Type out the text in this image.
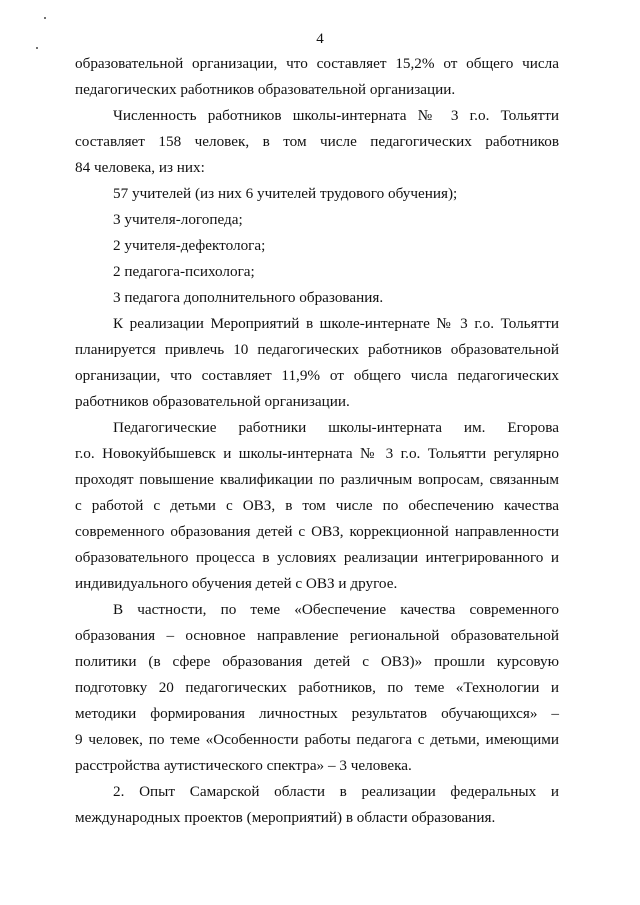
4

образовательной организации, что составляет 15,2% от общего числа

педагогических работников образовательной организации.

Численность работников школы-интерната № 3 г.о. Тольятти

составляет 158 человек, в том числе педагогических работников

84 человека, из них:

57 учителей (из них 6 учителей трудового обучения);

3 учителя-логопеда;

2 учителя-дефектолога;

2 педагога-психолога;

3 педагога дополнительного образования.

К реализации Мероприятий в школе-интернате № 3 г.о. Тольятти

планируется привлечь 10 педагогических работников образовательной

организации, что составляет 11,9% от общего числа педагогических

работников образовательной организации.

Педагогические работники школы-интерната им. Егорова

г.о. Новокуйбышевск и школы-интерната № 3 г.о. Тольятти регулярно

проходят повышение квалификации по различным вопросам, связанным

с работой с детьми с ОВЗ, в том числе по обеспечению качества

современного образования детей с ОВЗ, коррекционной направленности

образовательного процесса в условиях реализации интегрированного и

индивидуального обучения детей с ОВЗ и другое.

В частности, по теме «Обеспечение качества современного

образования – основное направление региональной образовательной

политики (в сфере образования детей с ОВЗ)» прошли курсовую

подготовку 20 педагогических работников, по теме «Технологии и

методики формирования личностных результатов обучающихся» –

9 человек, по теме «Особенности работы педагога с детьми, имеющими

расстройства аутистического спектра» – 3 человека.

2. Опыт Самарской области в реализации федеральных и

международных проектов (мероприятий) в области образования.
